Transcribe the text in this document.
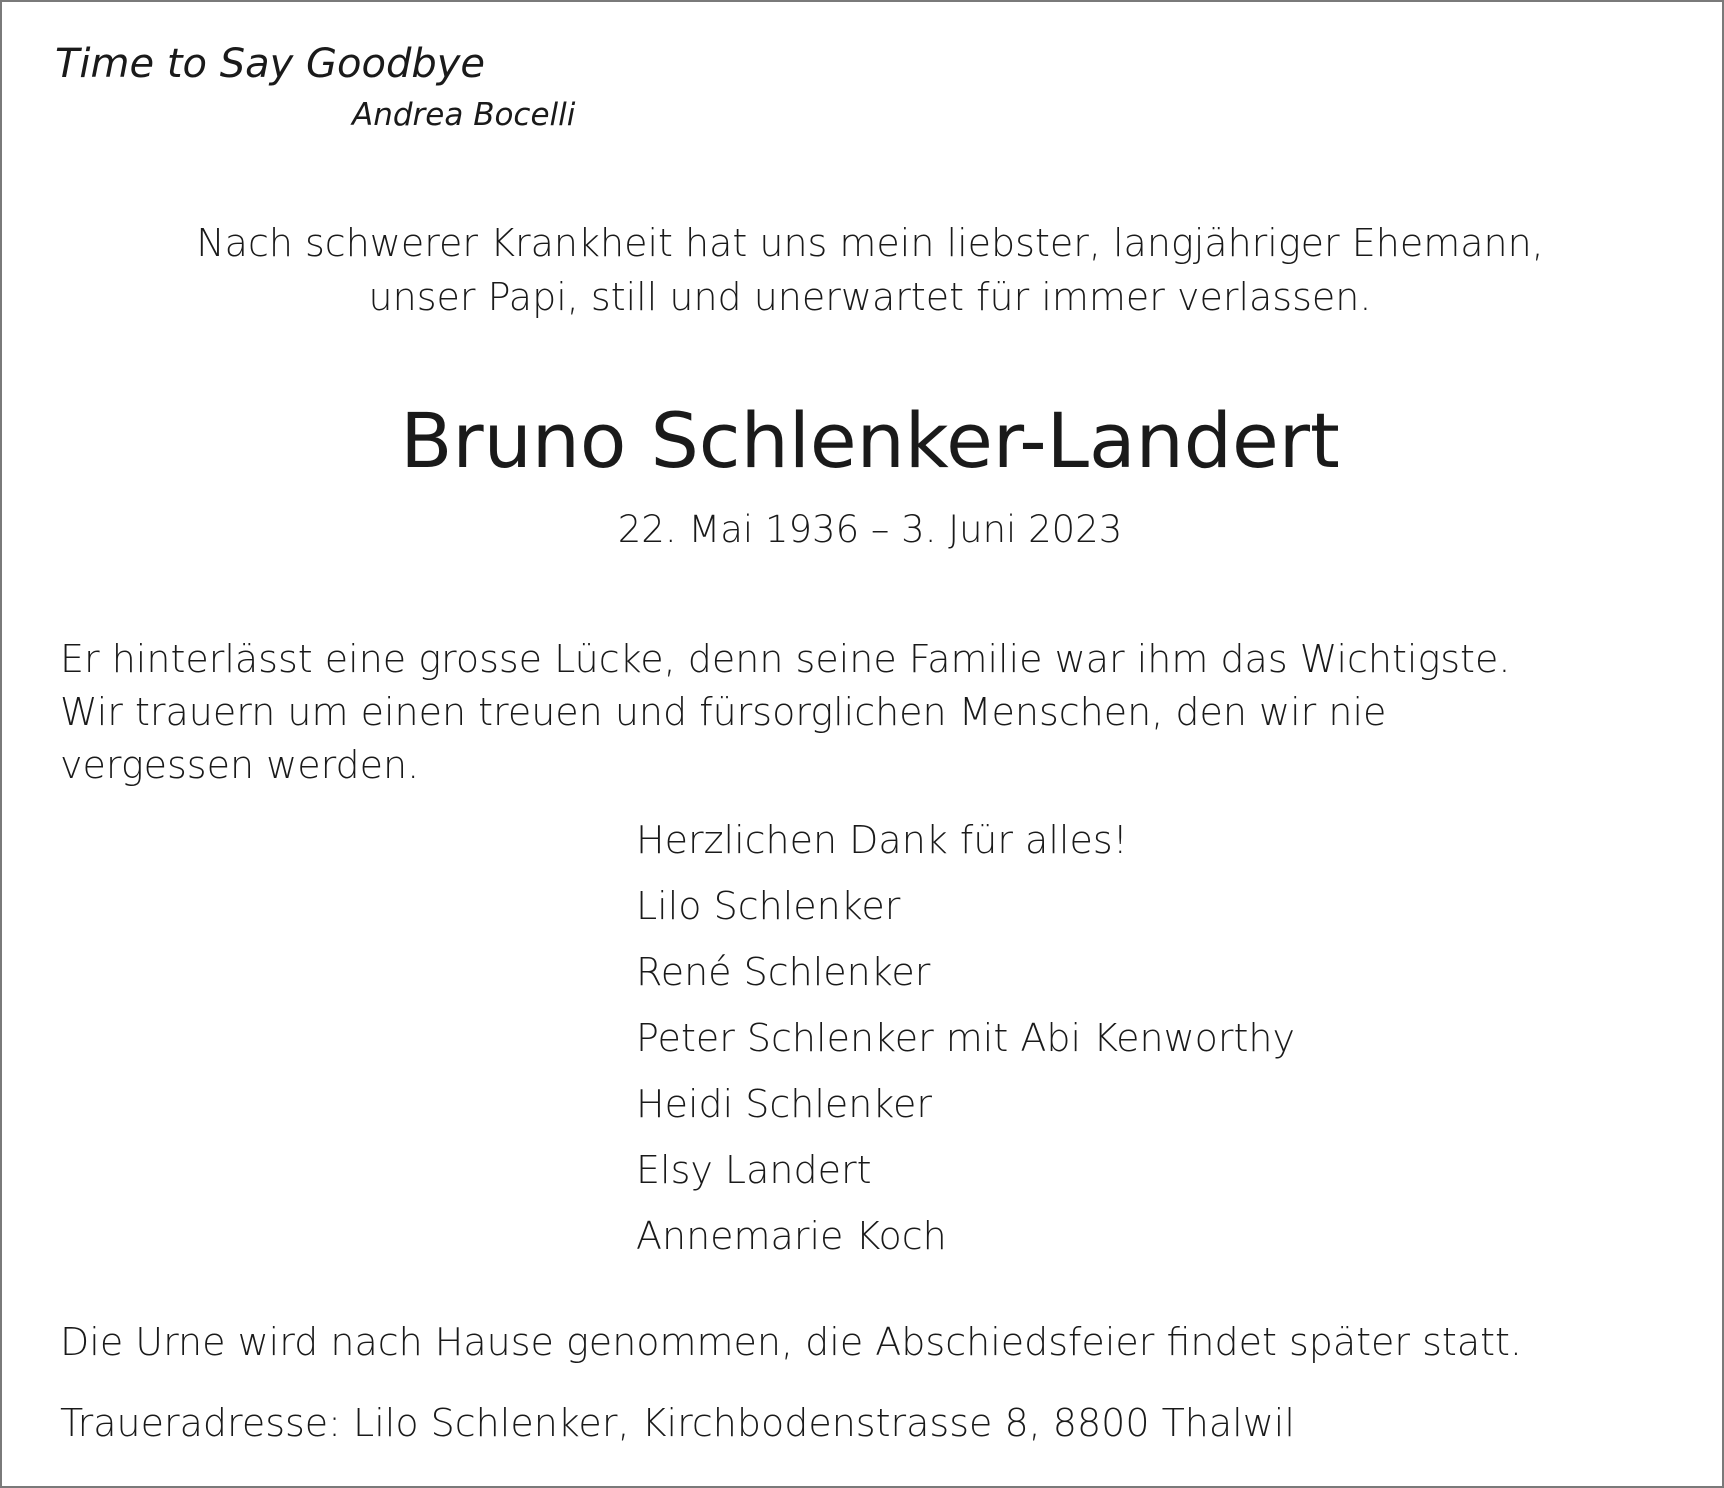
Time to Say Goodbye
Andrea Bocelli
Nach schwerer Krankheit hat uns mein liebster, langjähriger Ehemann,
unser Papi, still und unerwartet für immer verlassen.
Bruno Schlenker-Landert
22. Mai 1936 – 3. Juni 2023
Er hinterlässt eine grosse Lücke, denn seine Familie war ihm das Wichtigste.
Wir trauern um einen treuen und fürsorglichen Menschen, den wir nie
vergessen werden.
Herzlichen Dank für alles!
Lilo Schlenker
René Schlenker
Peter Schlenker mit Abi Kenworthy
Heidi Schlenker
Elsy Landert
Annemarie Koch
Die Urne wird nach Hause genommen, die Abschiedsfeier findet später statt.
Traueradresse: Lilo Schlenker, Kirchbodenstrasse 8, 8800 Thalwil
